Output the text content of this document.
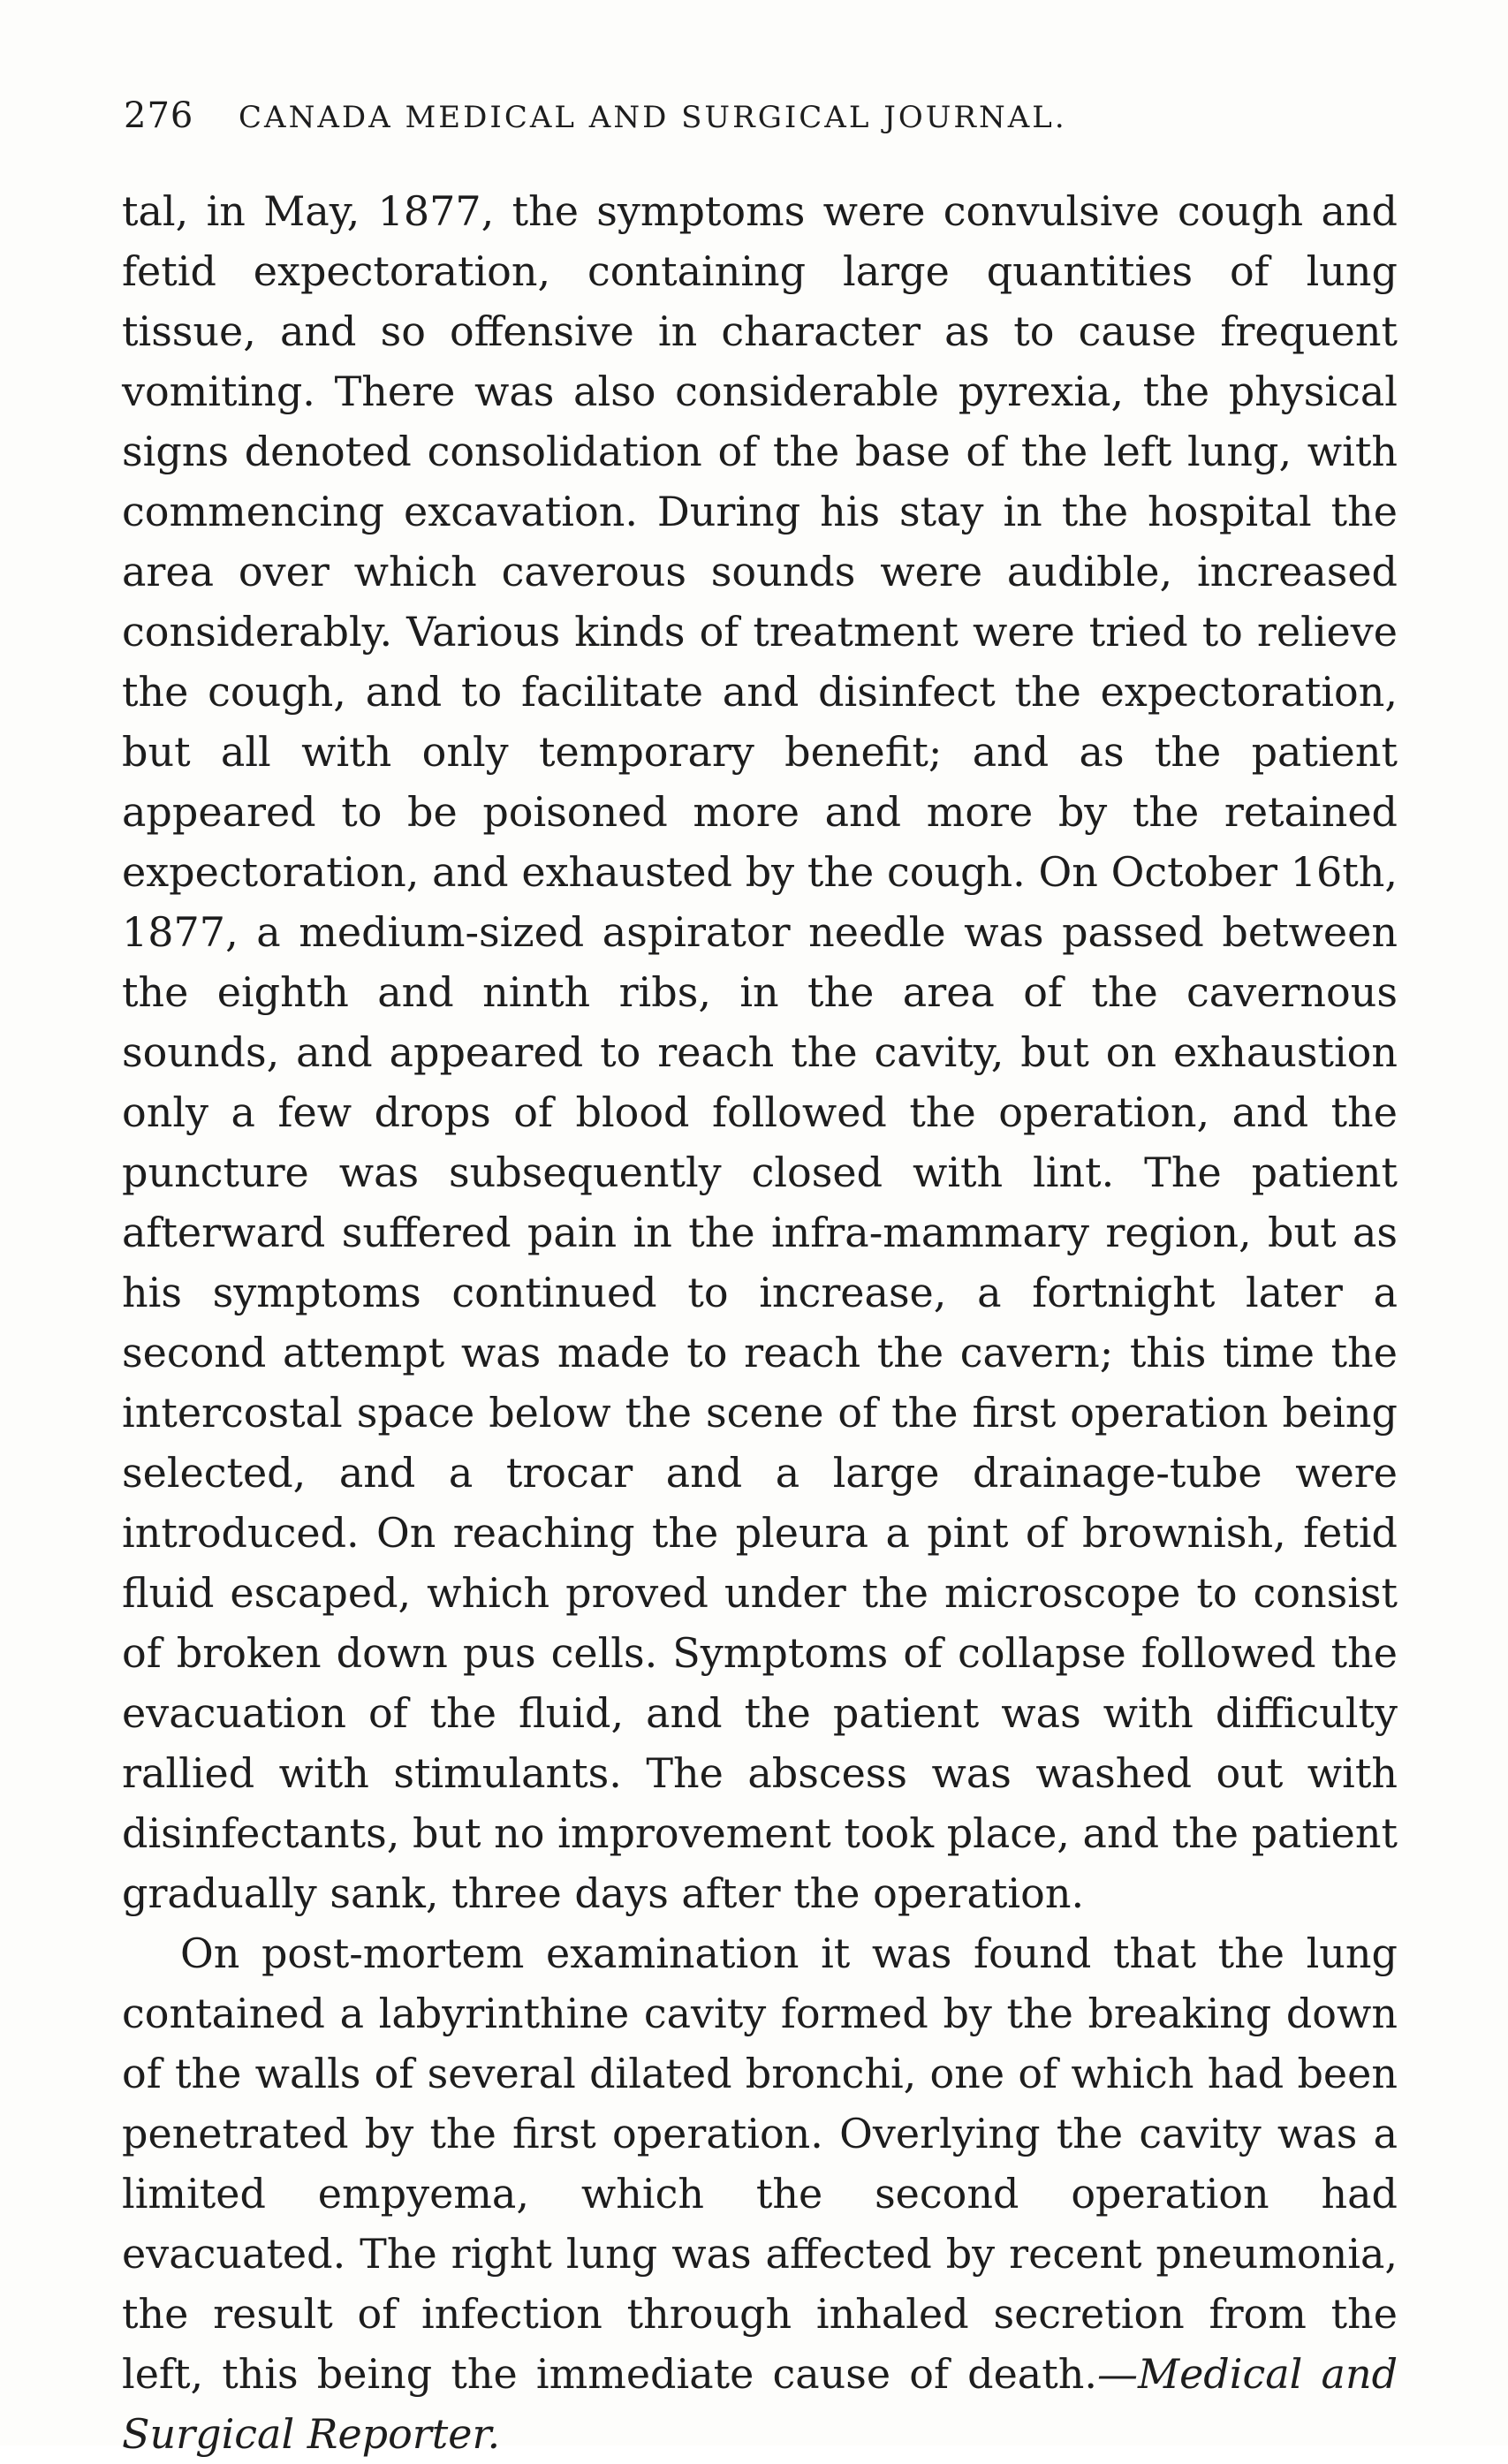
276	CANADA MEDICAL AND SURGICAL JOURNAL.

tal, in May, 1877, the symptoms were convulsive cough and fetid expectoration, containing large quantities of lung tissue, and so offensive in character as to cause frequent vomiting. There was also considerable pyrexia, the physical signs denoted consolidation of the base of the left lung, with commencing excavation. During his stay in the hospital the area over which caverous sounds were audible, increased considerably. Various kinds of treatment were tried to relieve the cough, and to facilitate and disinfect the expectoration, but all with only temporary benefit; and as the patient appeared to be poisoned more and more by the retained expectoration, and exhausted by the cough. On October 16th, 1877, a medium-sized aspirator needle was passed between the eighth and ninth ribs, in the area of the cavernous sounds, and appeared to reach the cavity, but on exhaustion only a few drops of blood followed the operation, and the puncture was subsequently closed with lint. The patient afterward suffered pain in the infra-mammary region, but as his symptoms continued to increase, a fortnight later a second attempt was made to reach the cavern; this time the intercostal space below the scene of the first operation being selected, and a trocar and a large drainage-tube were introduced. On reaching the pleura a pint of brownish, fetid fluid escaped, which proved under the microscope to consist of broken down pus cells. Symptoms of collapse followed the evacuation of the fluid, and the patient was with difficulty rallied with stimulants. The abscess was washed out with disinfectants, but no improvement took place, and the patient gradually sank, three days after the operation.

On post-mortem examination it was found that the lung contained a labyrinthine cavity formed by the breaking down of the walls of several dilated bronchi, one of which had been penetrated by the first operation. Overlying the cavity was a limited empyema, which the second operation had evacuated. The right lung was affected by recent pneumonia, the result of infection through inhaled secretion from the left, this being the immediate cause of death.—Medical and Surgical Reporter.
